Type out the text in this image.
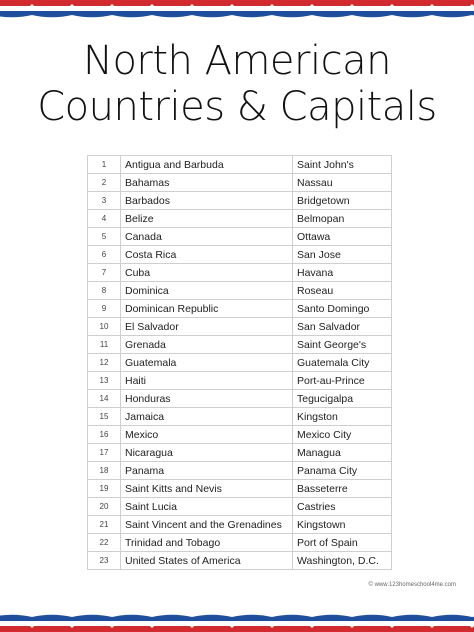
North American
Countries & Capitals
1	Antigua and Barbuda	Saint John's
2	Bahamas	Nassau
3	Barbados	Bridgetown
4	Belize	Belmopan
5	Canada	Ottawa
6	Costa Rica	San Jose
7	Cuba	Havana
8	Dominica	Roseau
9	Dominican Republic	Santo Domingo
10	El Salvador	San Salvador
11	Grenada	Saint George's
12	Guatemala	Guatemala City
13	Haiti	Port-au-Prince
14	Honduras	Tegucigalpa
15	Jamaica	Kingston
16	Mexico	Mexico City
17	Nicaragua	Managua
18	Panama	Panama City
19	Saint Kitts and Nevis	Basseterre
20	Saint Lucia	Castries
21	Saint Vincent and the Grenadines	Kingstown
22	Trinidad and Tobago	Port of Spain
23	United States of America	Washington, D.C.
© www.123homeschool4me.com
